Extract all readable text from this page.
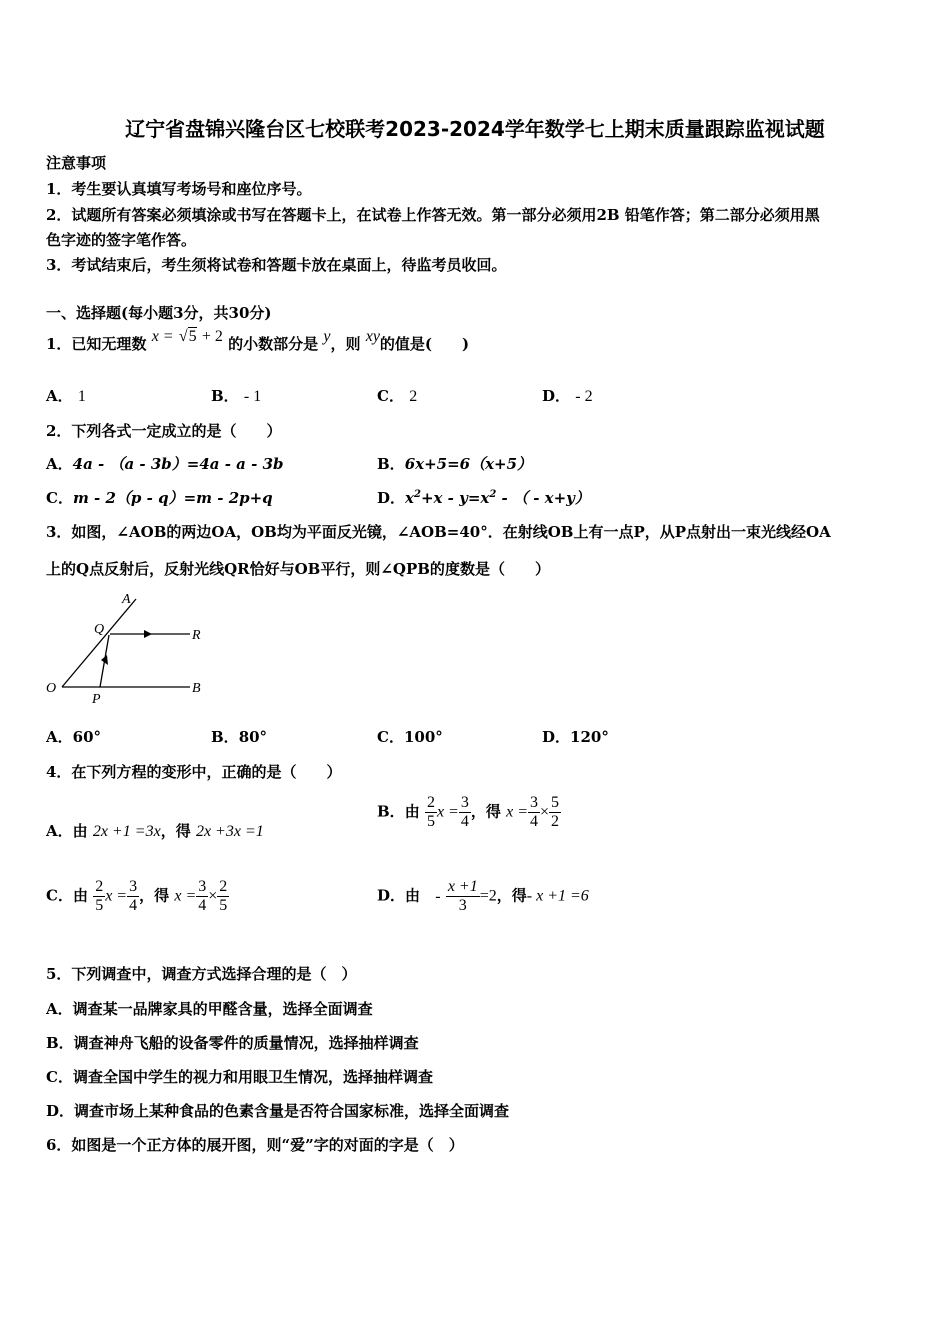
辽宁省盘锦兴隆台区七校联考2023-2024学年数学七上期末质量跟踪监视试题
注意事项
1．考生要认真填写考场号和座位序号。
2．试题所有答案必须填涂或书写在答题卡上，在试卷上作答无效。第一部分必须用2B 铅笔作答；第二部分必须用黑
色字迹的签字笔作答。
3．考试结束后，考生须将试卷和答题卡放在桌面上，待监考员收回。
一、选择题(每小题3分，共30分)
1．已知无理数 x = √5 + 2 的小数部分是 y，则 xy的值是(　　)
A． 1	B． - 1	C． 2	D． - 2
2．下列各式一定成立的是（　　）
A．4a - （a - 3b）=4a - a - 3b	B．6x+5=6（x+5）
C．m - 2（p - q）=m - 2p+q	D．$x^2+x - y=x^2$ - （ - x+y）
3．如图，∠AOB的两边OA，OB均为平面反光镜，∠AOB=40°．在射线OB上有一点P，从P点射出一束光线经OA
上的Q点反射后，反射光线QR恰好与OB平行，则∠QPB的度数是（　　）
A
Q	R
O
P
B
A．60°	B．80°	C．100°	D．120°
4．在下列方程的变形中，正确的是（　　）
A．由 2x +1 =3x，得 2x +3x =1
B．由 $\frac{2}{5}$ $x = \frac{3}{4}$ ，得 $x = \frac{3}{4} \times \frac{5}{2}$
C．由 $\frac{2}{5}$ $x = \frac{3}{4}$ ，得 $x = \frac{3}{4} \times \frac{2}{5}$	D．由 - $\frac{x +1}{3} =2$，得- x +1 =6
5．下列调查中，调查方式选择合理的是（　）
A．调查某一品牌家具的甲醛含量，选择全面调查
B．调查神舟飞船的设备零件的质量情况，选择抽样调查
C．调查全国中学生的视力和用眼卫生情况，选择抽样调查
D．调查市场上某种食品的色素含量是否符合国家标准，选择全面调查
6．如图是一个正方体的展开图，则“爱”字的对面的字是（　）
